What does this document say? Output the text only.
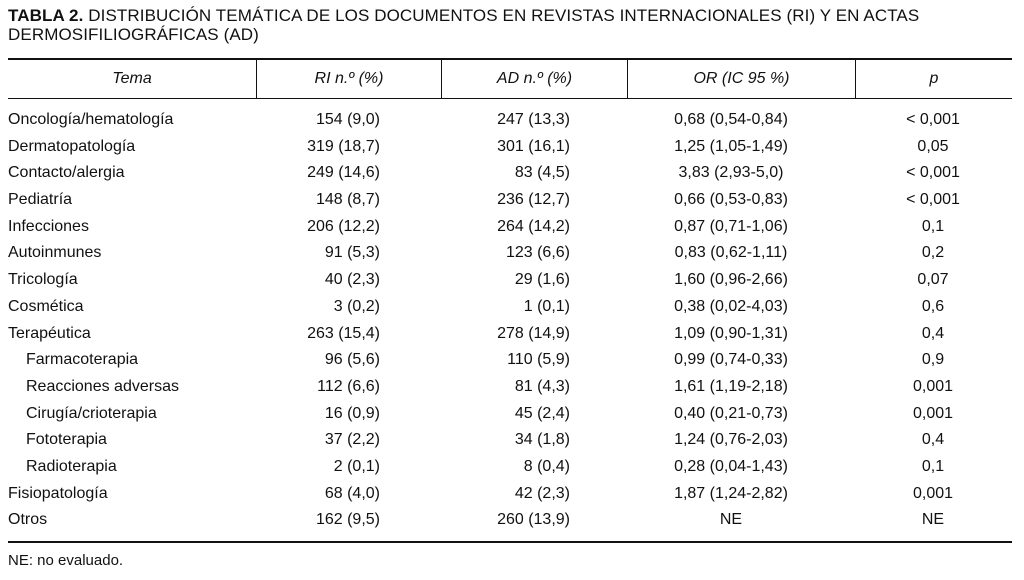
TABLA 2. DISTRIBUCIÓN TEMÁTICA DE LOS DOCUMENTOS EN REVISTAS INTERNACIONALES (RI) Y EN ACTAS DERMOSIFILIOGRÁFICAS (AD)
Tema	RI n.º (%)	AD n.º (%)	OR (IC 95 %)	p
Oncología/hematología	154 (9,0)	247 (13,3)	0,68 (0,54-0,84)	< 0,001
Dermatopatología	319 (18,7)	301 (16,1)	1,25 (1,05-1,49)	0,05
Contacto/alergia	249 (14,6)	83 (4,5)	3,83 (2,93-5,0)	< 0,001
Pediatría	148 (8,7)	236 (12,7)	0,66 (0,53-0,83)	< 0,001
Infecciones	206 (12,2)	264 (14,2)	0,87 (0,71-1,06)	0,1
Autoinmunes	91 (5,3)	123 (6,6)	0,83 (0,62-1,11)	0,2
Tricología	40 (2,3)	29 (1,6)	1,60 (0,96-2,66)	0,07
Cosmética	3 (0,2)	1 (0,1)	0,38 (0,02-4,03)	0,6
Terapéutica	263 (15,4)	278 (14,9)	1,09 (0,90-1,31)	0,4
Farmacoterapia	96 (5,6)	110 (5,9)	0,99 (0,74-0,33)	0,9
Reacciones adversas	112 (6,6)	81 (4,3)	1,61 (1,19-2,18)	0,001
Cirugía/crioterapia	16 (0,9)	45 (2,4)	0,40 (0,21-0,73)	0,001
Fototerapia	37 (2,2)	34 (1,8)	1,24 (0,76-2,03)	0,4
Radioterapia	2 (0,1)	8 (0,4)	0,28 (0,04-1,43)	0,1
Fisiopatología	68 (4,0)	42 (2,3)	1,87 (1,24-2,82)	0,001
Otros	162 (9,5)	260 (13,9)	NE	NE
NE: no evaluado.
